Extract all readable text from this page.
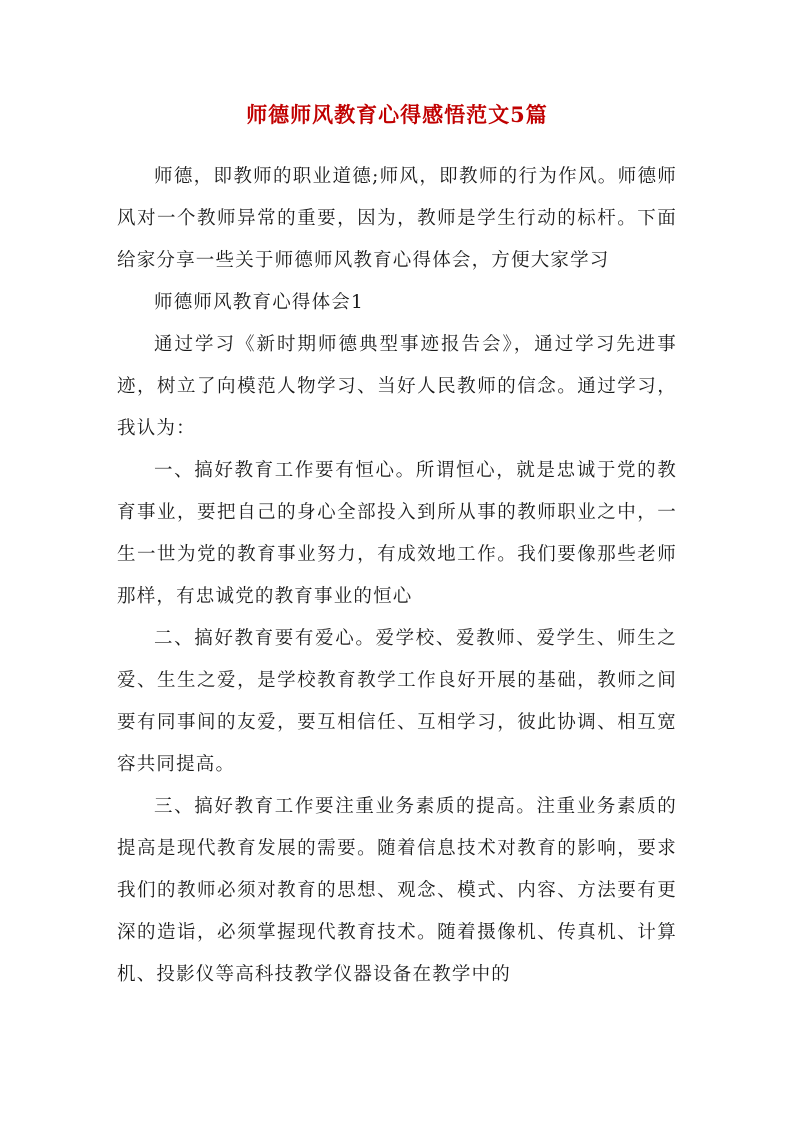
师德师风教育心得感悟范文5篇

师德，即教师的职业道德;师风，即教师的行为作风。师德师风对一个教师异常的重要，因为，教师是学生行动的标杆。下面给家分享一些关于师德师风教育心得体会，方便大家学习

师德师风教育心得体会1

通过学习《新时期师德典型事迹报告会》，通过学习先进事迹，树立了向模范人物学习、当好人民教师的信念。通过学习，我认为：

一、搞好教育工作要有恒心。所谓恒心，就是忠诚于党的教育事业，要把自己的身心全部投入到所从事的教师职业之中，一生一世为党的教育事业努力，有成效地工作。我们要像那些老师那样，有忠诚党的教育事业的恒心

二、搞好教育要有爱心。爱学校、爱教师、爱学生、师生之爱、生生之爱，是学校教育教学工作良好开展的基础，教师之间要有同事间的友爱，要互相信任、互相学习，彼此协调、相互宽容共同提高。

三、搞好教育工作要注重业务素质的提高。注重业务素质的提高是现代教育发展的需要。随着信息技术对教育的影响，要求我们的教师必须对教育的思想、观念、模式、内容、方法要有更深的造诣，必须掌握现代教育技术。随着摄像机、传真机、计算机、投影仪等高科技教学仪器设备在教学中的
